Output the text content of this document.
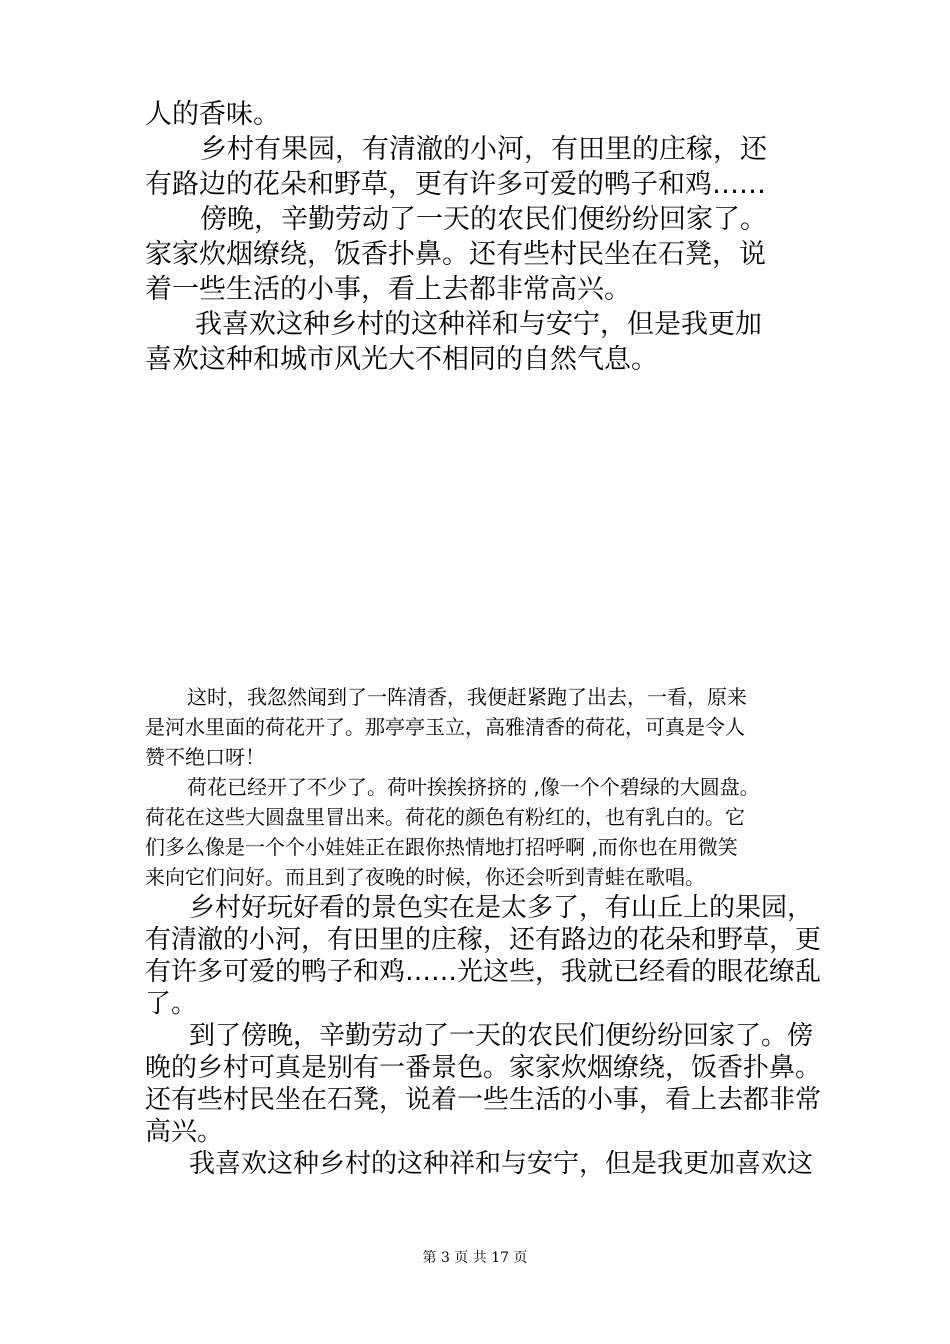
人的香味。
乡村有果园，有清澈的小河，有田里的庄稼，还
有路边的花朵和野草，更有许多可爱的鸭子和鸡……
傍晚，辛勤劳动了一天的农民们便纷纷回家了。
家家炊烟缭绕，饭香扑鼻。还有些村民坐在石凳，说
着一些生活的小事，看上去都非常高兴。
我喜欢这种乡村的这种祥和与安宁，但是我更加
喜欢这种和城市风光大不相同的自然气息。
这时，我忽然闻到了一阵清香，我便赶紧跑了出去，一看，原来
是河水里面的荷花开了。那亭亭玉立，高雅清香的荷花，可真是令人
赞不绝口呀！
荷花已经开了不少了。荷叶挨挨挤挤的 ,像一个个碧绿的大圆盘。
荷花在这些大圆盘里冒出来。荷花的颜色有粉红的，也有乳白的。它
们多么像是一个个小娃娃正在跟你热情地打招呼啊 ,而你也在用微笑
来向它们问好。而且到了夜晚的时候，你还会听到青蛙在歌唱。
乡村好玩好看的景色实在是太多了，有山丘上的果园，
有清澈的小河，有田里的庄稼，还有路边的花朵和野草，更
有许多可爱的鸭子和鸡……光这些，我就已经看的眼花缭乱
了。
到了傍晚，辛勤劳动了一天的农民们便纷纷回家了。傍
晚的乡村可真是别有一番景色。家家炊烟缭绕，饭香扑鼻。
还有些村民坐在石凳，说着一些生活的小事，看上去都非常
高兴。
我喜欢这种乡村的这种祥和与安宁，但是我更加喜欢这
第 3 页 共 17 页
